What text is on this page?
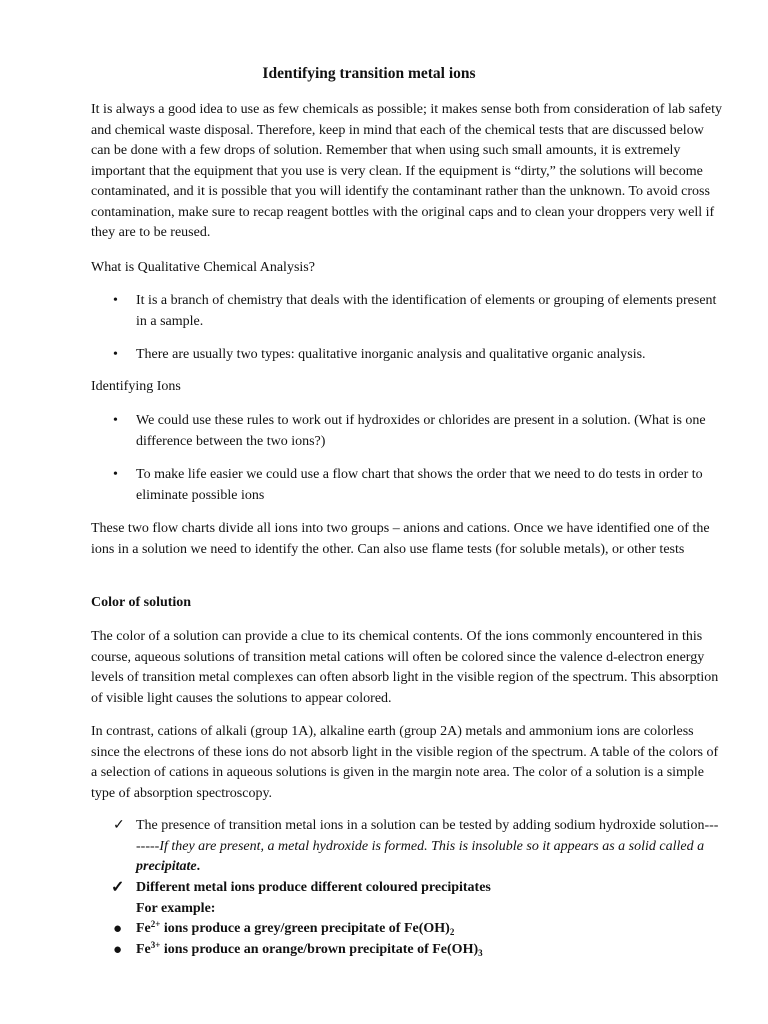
Identifying transition metal ions

It is always a good idea to use as few chemicals as possible; it makes sense both from consideration of lab safety and chemical waste disposal. Therefore, keep in mind that each of the chemical tests that are discussed below can be done with a few drops of solution. Remember that when using such small amounts, it is extremely important that the equipment that you use is very clean. If the equipment is “dirty,” the solutions will become contaminated, and it is possible that you will identify the contaminant rather than the unknown. To avoid cross contamination, make sure to recap reagent bottles with the original caps and to clean your droppers very well if they are to be reused.

What is Qualitative Chemical Analysis?

• It is a branch of chemistry that deals with the identification of elements or grouping of elements present in a sample.

• There are usually two types: qualitative inorganic analysis and qualitative organic analysis.

Identifying Ions

• We could use these rules to work out if hydroxides or chlorides are present in a solution. (What is one difference between the two ions?)

• To make life easier we could use a flow chart that shows the order that we need to do tests in order to eliminate possible ions

These two flow charts divide all ions into two groups – anions and cations. Once we have identified one of the ions in a solution we need to identify the other. Can also use flame tests (for soluble metals), or other tests

Color of solution

The color of a solution can provide a clue to its chemical contents. Of the ions commonly encountered in this course, aqueous solutions of transition metal cations will often be colored since the valence d-electron energy levels of transition metal complexes can often absorb light in the visible region of the spectrum. This absorption of visible light causes the solutions to appear colored.

In contrast, cations of alkali (group 1A), alkaline earth (group 2A) metals and ammonium ions are colorless since the electrons of these ions do not absorb light in the visible region of the spectrum. A table of the colors of a selection of cations in aqueous solutions is given in the margin note area. The color of a solution is a simple type of absorption spectroscopy.

✓ The presence of transition metal ions in a solution can be tested by adding sodium hydroxide solution--------If they are present, a metal hydroxide is formed. This is insoluble so it appears as a solid called a precipitate.

✓ Different metal ions produce different coloured precipitates

For example:

● $Fe^{2+}$ ions produce a grey/green precipitate of $Fe(OH)_2$

● $Fe^{3+}$ ions produce an orange/brown precipitate of $Fe(OH)_3$
